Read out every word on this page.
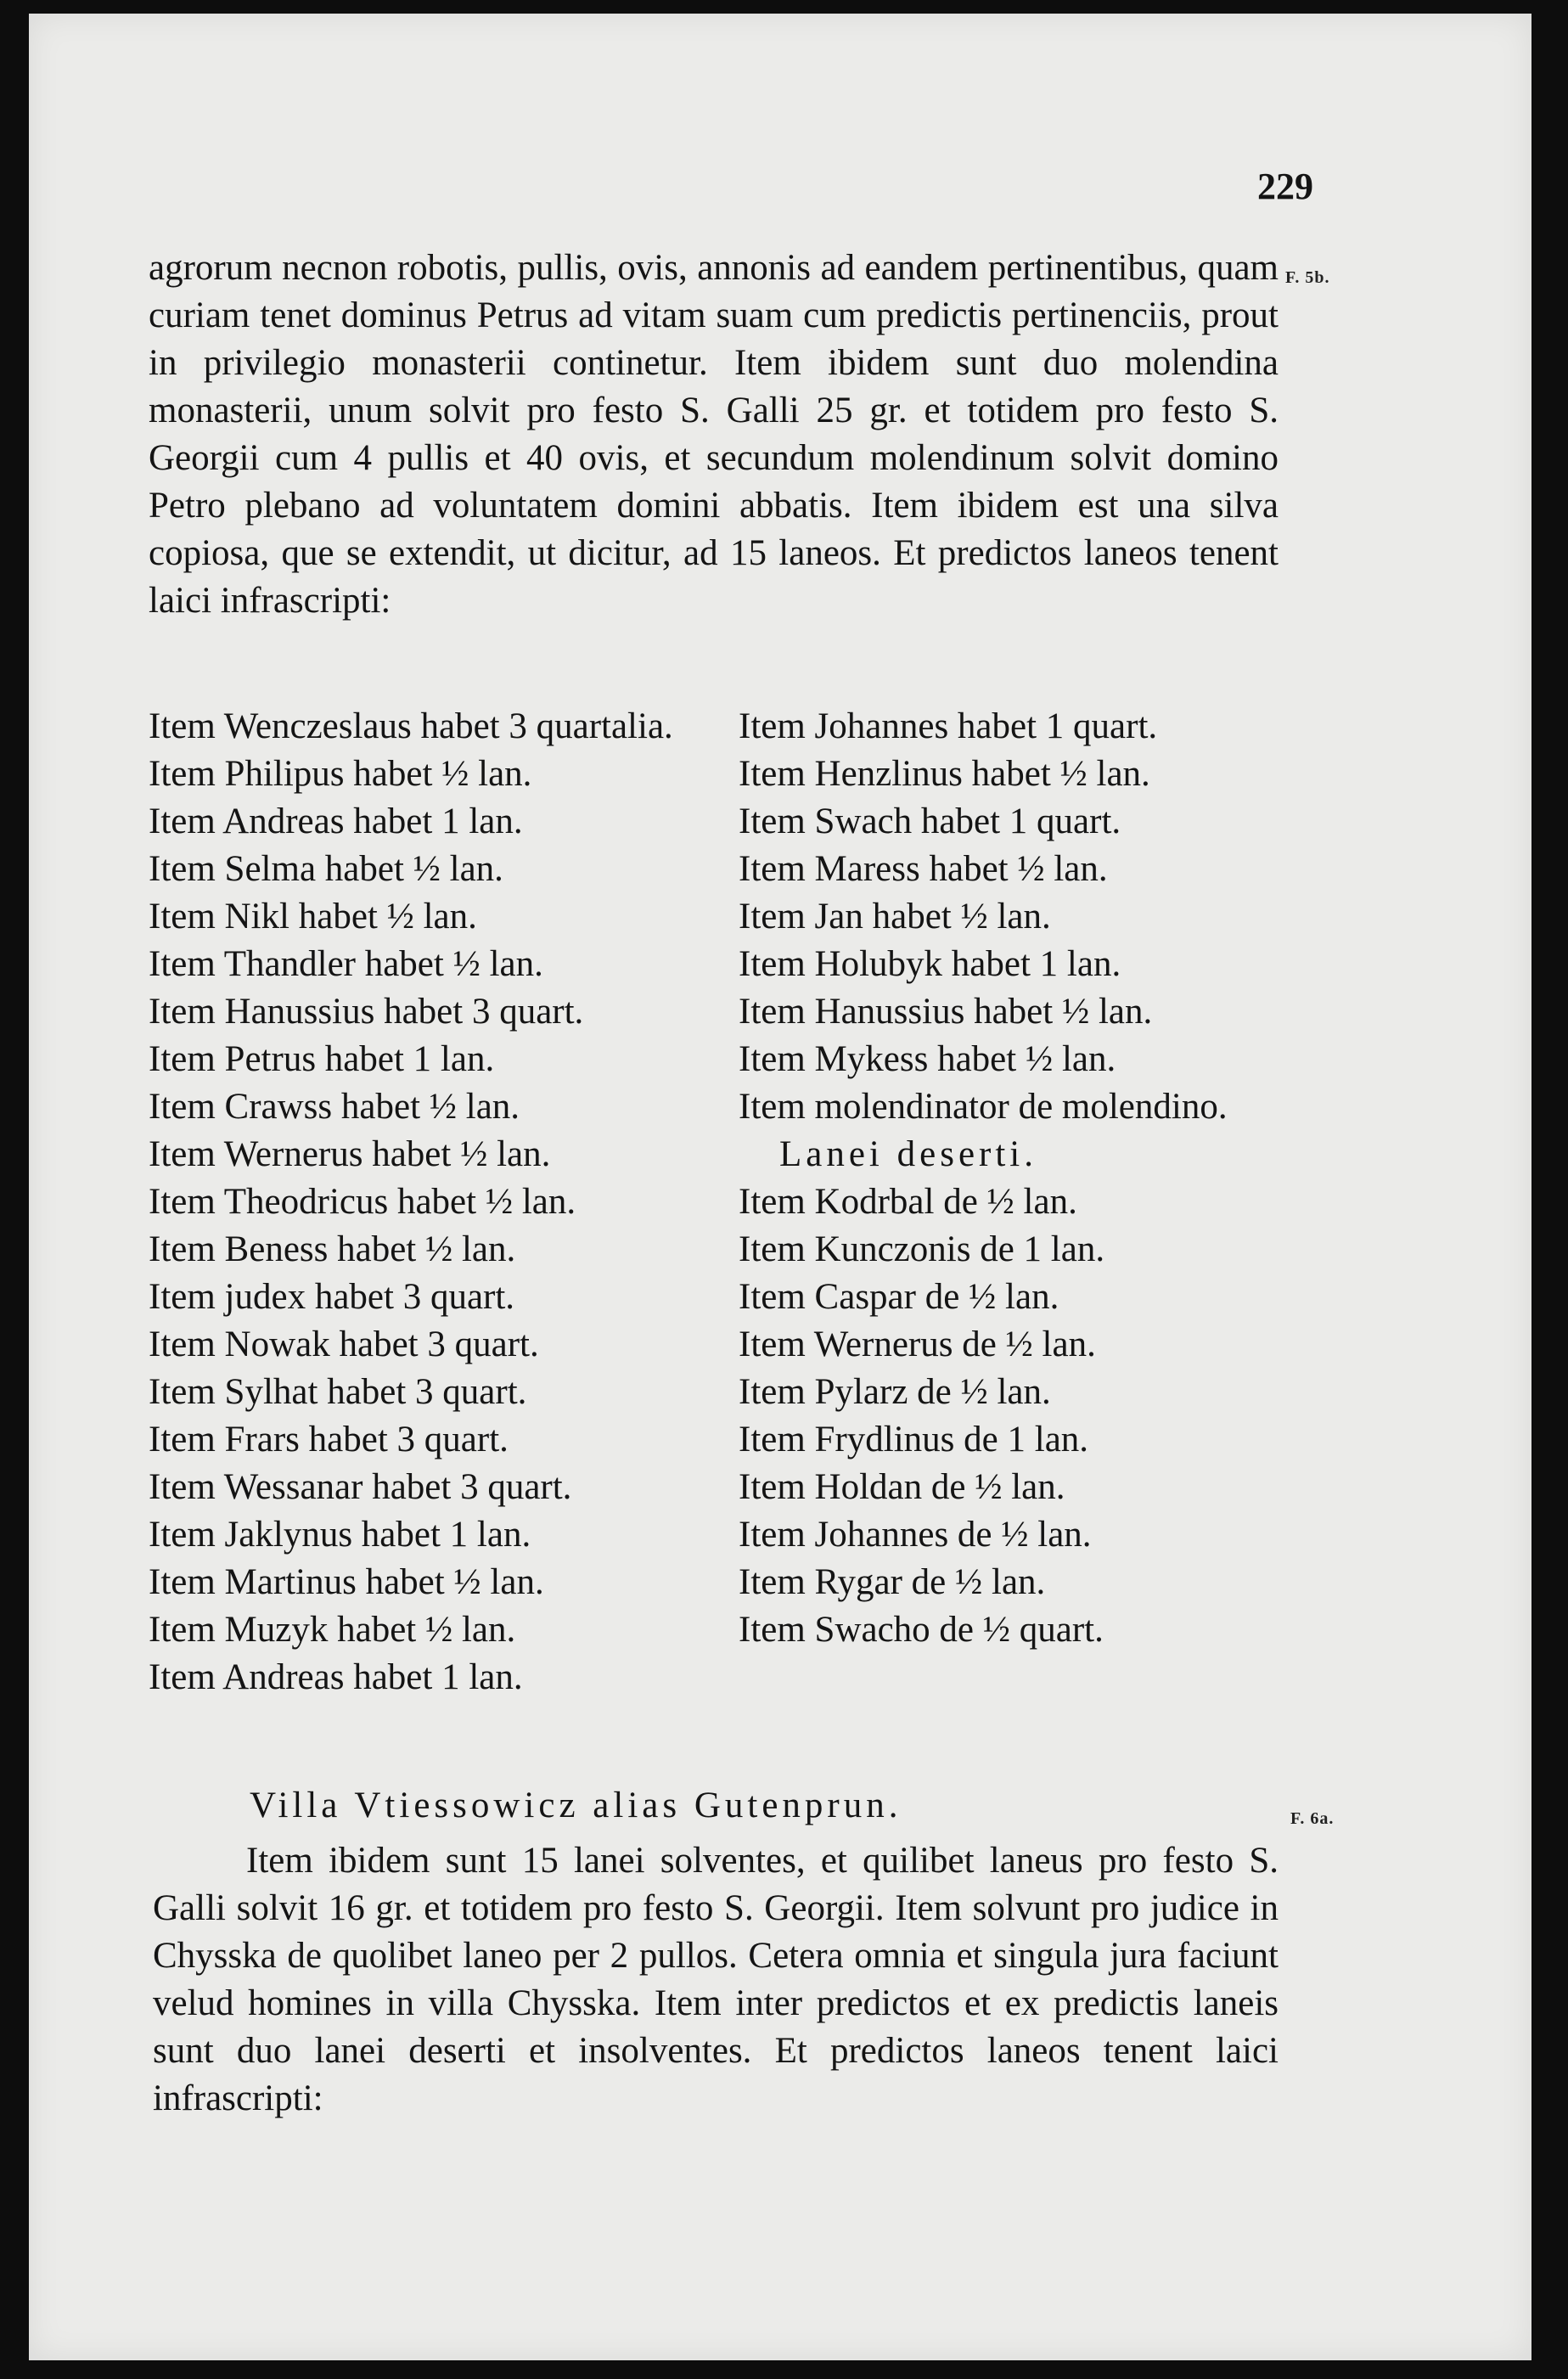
229

F. 5b.
F. 6a.

agrorum necnon robotis, pullis, ovis, annonis ad eandem pertinentibus, quam curiam tenet dominus Petrus ad vitam suam cum predictis pertinenciis, prout in privilegio monasterii continetur. Item ibidem sunt duo molendina monasterii, unum solvit pro festo S. Galli 25 gr. et totidem pro festo S. Georgii cum 4 pullis et 40 ovis, et secundum molendinum solvit domino Petro plebano ad voluntatem domini abbatis. Item ibidem est una silva copiosa, que se extendit, ut dicitur, ad 15 laneos. Et predictos laneos tenent laici infrascripti:

Item Wenczeslaus habet 3 quartalia.

Item Philipus habet ½ lan.

Item Andreas habet 1 lan.

Item Selma habet ½ lan.

Item Nikl habet ½ lan.

Item Thandler habet ½ lan.

Item Hanussius habet 3 quart.

Item Petrus habet 1 lan.

Item Crawss habet ½ lan.

Item Wernerus habet ½ lan.

Item Theodricus habet ½ lan.

Item Beness habet ½ lan.

Item judex habet 3 quart.

Item Nowak habet 3 quart.

Item Sylhat habet 3 quart.

Item Frars habet 3 quart.

Item Wessanar habet 3 quart.

Item Jaklynus habet 1 lan.

Item Martinus habet ½ lan.

Item Muzyk habet ½ lan.

Item Andreas habet 1 lan.

Item Johannes habet 1 quart.

Item Henzlinus habet ½ lan.

Item Swach habet 1 quart.

Item Maress habet ½ lan.

Item Jan habet ½ lan.

Item Holubyk habet 1 lan.

Item Hanussius habet ½ lan.

Item Mykess habet ½ lan.

Item molendinator de molendino.

Lanei deserti.

Item Kodrbal de ½ lan.

Item Kunczonis de 1 lan.

Item Caspar de ½ lan.

Item Wernerus de ½ lan.

Item Pylarz de ½ lan.

Item Frydlinus de 1 lan.

Item Holdan de ½ lan.

Item Johannes de ½ lan.

Item Rygar de ½ lan.

Item Swacho de ½ quart.

Villa Vtiessowicz alias Gutenprun.

Item ibidem sunt 15 lanei solventes, et quilibet laneus pro festo S. Galli solvit 16 gr. et totidem pro festo S. Georgii. Item solvunt pro judice in Chysska de quolibet laneo per 2 pullos. Cetera omnia et singula jura faciunt velud homines in villa Chysska. Item inter predictos et ex predictis laneis sunt duo lanei deserti et insolventes. Et predictos laneos tenent laici infrascripti:
